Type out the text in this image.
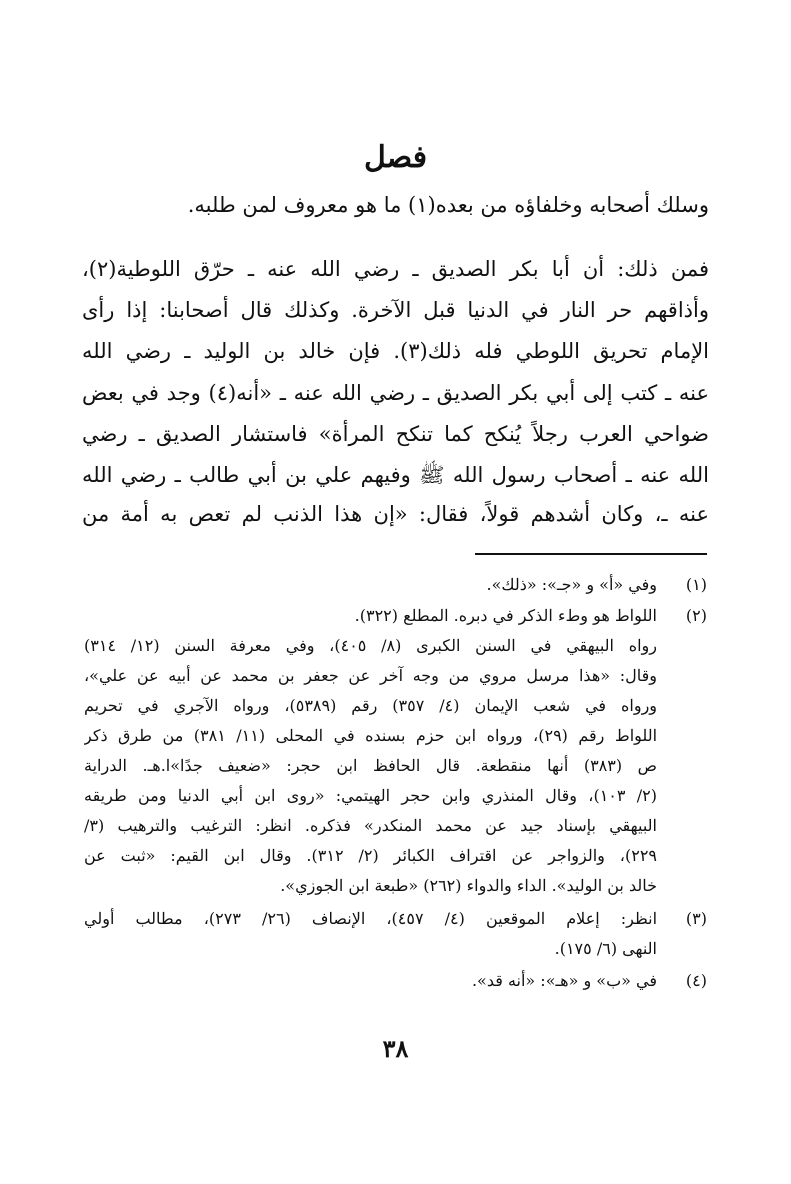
فصل
وسلك أصحابه وخلفاؤه من بعده(١) ما هو معروف لمن طلبه.
فمن ذلك: أن أبا بكر الصديق ـ رضي الله عنه ـ حرّق اللوطية(٢)،
وأذاقهم حر النار في الدنيا قبل الآخرة. وكذلك قال أصحابنا: إذا رأى
الإمام تحريق اللوطي فله ذلك(٣). فإن خالد بن الوليد ـ رضي الله
عنه ـ كتب إلى أبي بكر الصديق ـ رضي الله عنه ـ «أنه(٤) وجد في بعض
ضواحي العرب رجلاً يُنكح كما تنكح المرأة» فاستشار الصديق ـ رضي
الله عنه ـ أصحاب رسول الله ﷺ وفيهم علي بن أبي طالب ـ رضي الله
عنه ـ، وكان أشدهم قولاً، فقال: «إن هذا الذنب لم تعص به أمة من
(١)
وفي «أ» و «جـ»: «ذلك».
(٢)
اللواط هو وطء الذكر في دبره. المطلع (٣٢٢).
رواه البيهقي في السنن الكبرى (٨/ ٤٠٥)، وفي معرفة السنن (١٢/ ٣١٤)
وقال: «هذا مرسل مروي من وجه آخر عن جعفر بن محمد عن أبيه عن علي»،
ورواه في شعب الإيمان (٤/ ٣٥٧) رقم (٥٣٨٩)، ورواه الآجري في تحريم
اللواط رقم (٢٩)، ورواه ابن حزم بسنده في المحلى (١١/ ٣٨١) من طرق ذكر
ص (٣٨٣) أنها منقطعة. قال الحافظ ابن حجر: «ضعيف جدًا»ا.هـ. الدراية
(٢/ ١٠٣)، وقال المنذري وابن حجر الهيتمي: «روى ابن أبي الدنيا ومن طريقه
البيهقي بإسناد جيد عن محمد المنكدر» فذكره. انظر: الترغيب والترهيب (٣/
٢٢٩)، والزواجر عن اقتراف الكبائر (٢/ ٣١٢). وقال ابن القيم: «ثبت عن
خالد بن الوليد». الداء والدواء (٢٦٢) «طبعة ابن الجوزي».
(٣)
انظر: إعلام الموقعين (٤/ ٤٥٧)، الإنصاف (٢٦/ ٢٧٣)، مطالب أولي
النهى (٦/ ١٧٥).
(٤)
في «ب» و «هـ»: «أنه قد».
٣٨
